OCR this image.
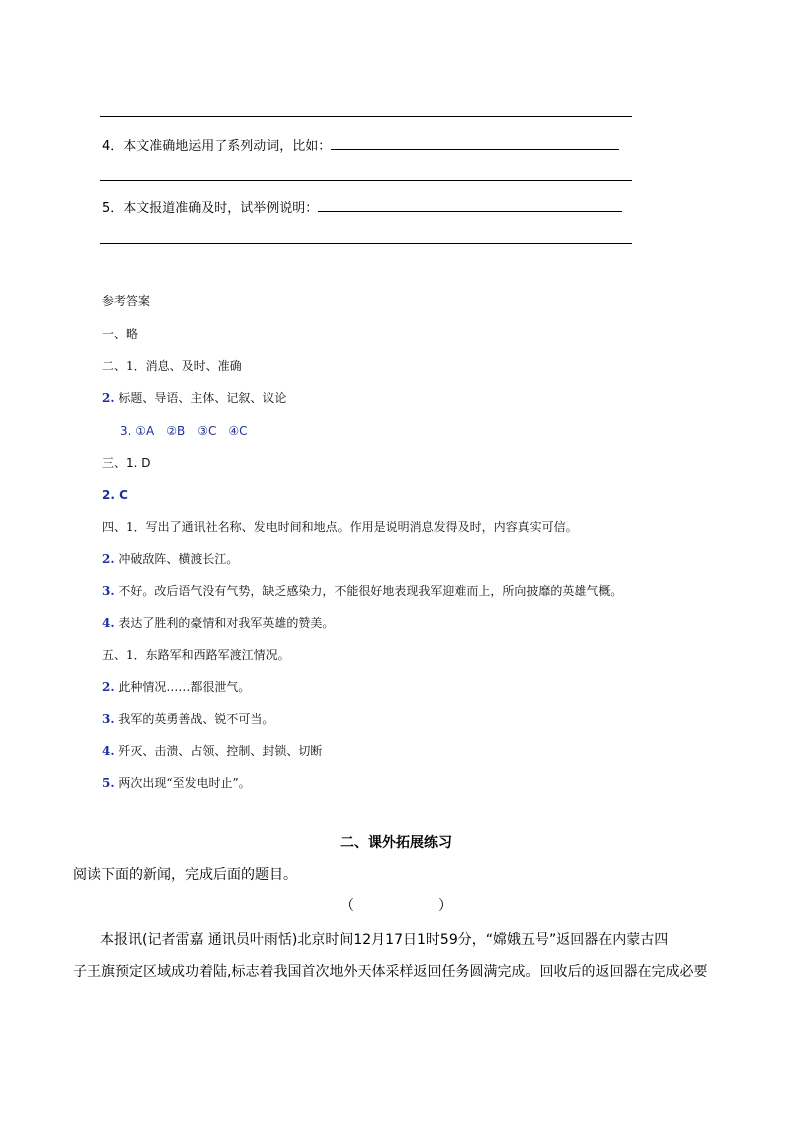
4．本文准确地运用了系列动词，比如：
5．本文报道准确及时，试举例说明：
参考答案
一、略
二、1．消息、及时、准确
2. 标题、导语、主体、记叙、议论
3. ①A　②B　③C　④C
三、1. D
2. C
四、1．写出了通讯社名称、发电时间和地点。作用是说明消息发得及时，内容真实可信。
2. 冲破敌阵、横渡长江。
3. 不好。改后语气没有气势，缺乏感染力，不能很好地表现我军迎难而上，所向披靡的英雄气概。
4. 表达了胜利的豪情和对我军英雄的赞美。
五、1．东路军和西路军渡江情况。
2. 此种情况……都很泄气。
3. 我军的英勇善战、锐不可当。
4. 歼灭、击溃、占领、控制、封锁、切断
5. 两次出现“至发电时止”。
二、课外拓展练习
阅读下面的新闻，完成后面的题目。
（　　　　　　）
本报讯(记者雷嘉 通讯员叶雨恬)北京时间12月17日1时59分，“嫦娥五号”返回器在内蒙古四
子王旗预定区域成功着陆,标志着我国首次地外天体采样返回任务圆满完成。回收后的返回器在完成必要
